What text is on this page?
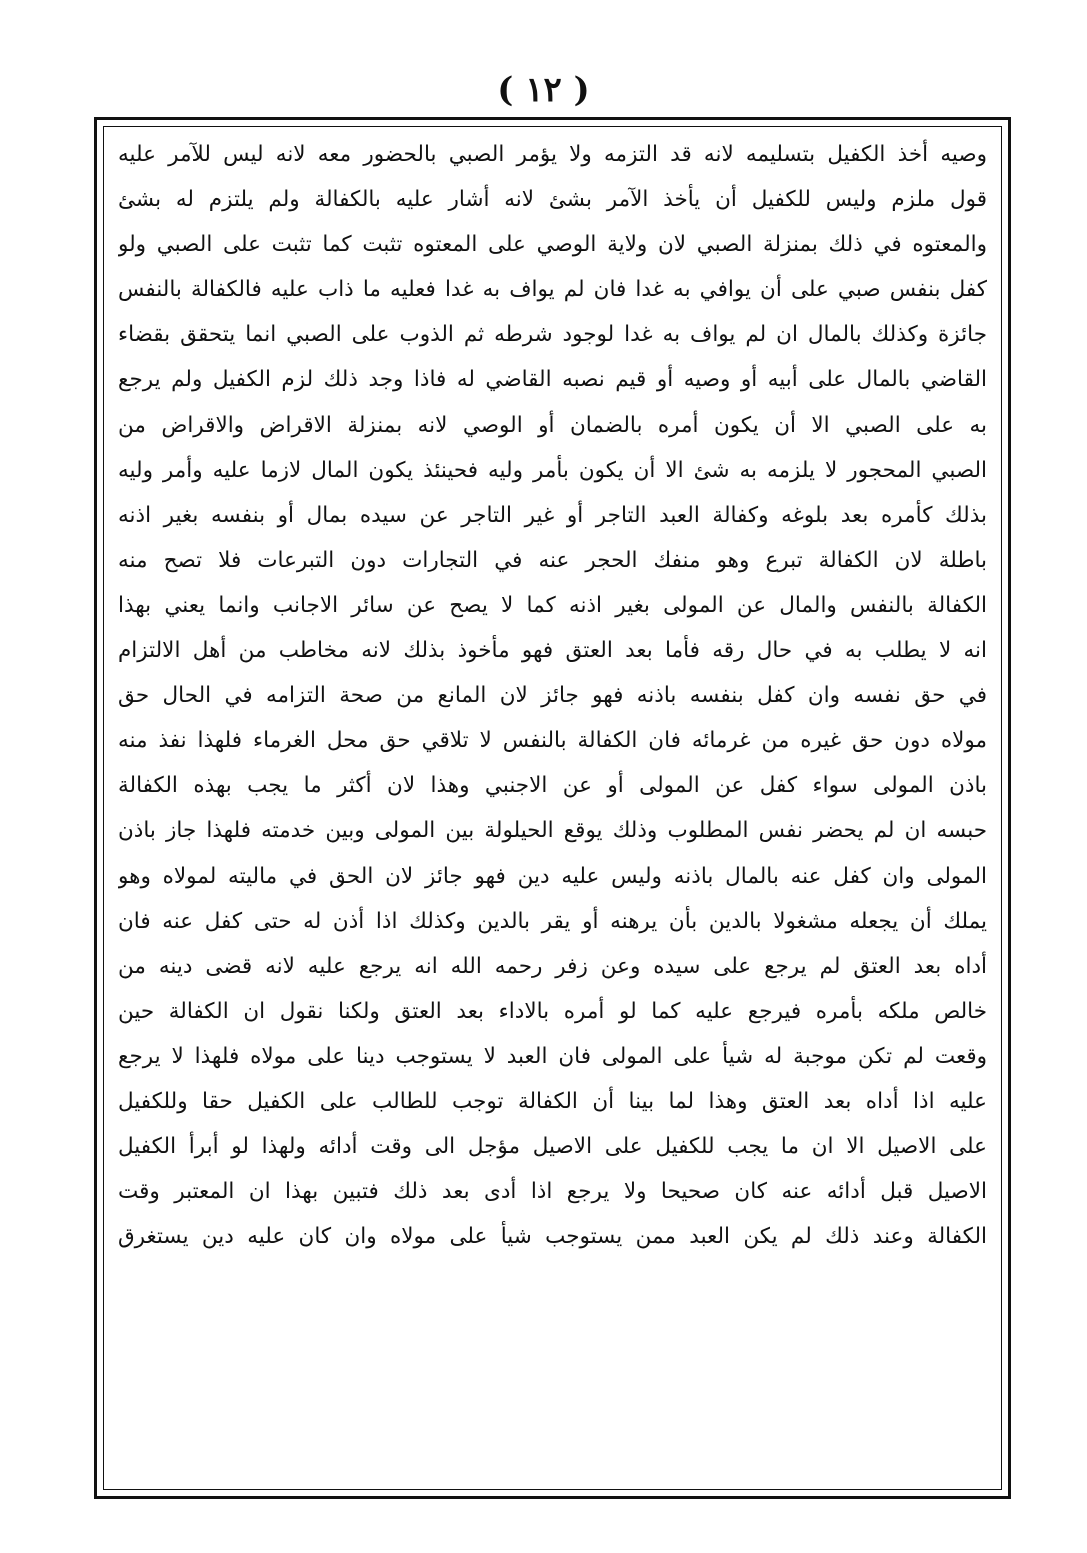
( ١٢ )
وصيه أخذ الكفيل بتسليمه لانه قد التزمه ولا يؤمر الصبي بالحضور معه لانه ليس للآمر عليه
قول ملزم وليس للكفيل أن يأخذ الآمر بشئ لانه أشار عليه بالكفالة ولم يلتزم له بشئ
والمعتوه في ذلك بمنزلة الصبي لان ولاية الوصي على المعتوه تثبت كما تثبت على الصبي ولو
كفل بنفس صبي على أن يوافي به غدا فان لم يواف به غدا فعليه ما ذاب عليه فالكفالة بالنفس
جائزة وكذلك بالمال ان لم يواف به غدا لوجود شرطه ثم الذوب على الصبي انما يتحقق بقضاء
القاضي بالمال على أبيه أو وصيه أو قيم نصبه القاضي له فاذا وجد ذلك لزم الكفيل ولم يرجع
به على الصبي الا أن يكون أمره بالضمان أو الوصي لانه بمنزلة الاقراض والاقراض من
الصبي المحجور لا يلزمه به شئ الا أن يكون بأمر وليه فحينئذ يكون المال لازما عليه وأمر وليه
بذلك كأمره بعد بلوغه وكفالة العبد التاجر أو غير التاجر عن سيده بمال أو بنفسه بغير اذنه
باطلة لان الكفالة تبرع وهو منفك الحجر عنه في التجارات دون التبرعات فلا تصح منه
الكفالة بالنفس والمال عن المولى بغير اذنه كما لا يصح عن سائر الاجانب وانما يعني بهذا
انه لا يطلب به في حال رقه فأما بعد العتق فهو مأخوذ بذلك لانه مخاطب من أهل الالتزام
في حق نفسه وان كفل بنفسه باذنه فهو جائز لان المانع من صحة التزامه في الحال حق
مولاه دون حق غيره من غرمائه فان الكفالة بالنفس لا تلاقي حق محل الغرماء فلهذا نفذ منه
باذن المولى سواء كفل عن المولى أو عن الاجنبي وهذا لان أكثر ما يجب بهذه الكفالة
حبسه ان لم يحضر نفس المطلوب وذلك يوقع الحيلولة بين المولى وبين خدمته فلهذا جاز باذن
المولى وان كفل عنه بالمال باذنه وليس عليه دين فهو جائز لان الحق في ماليته لمولاه وهو
يملك أن يجعله مشغولا بالدين بأن يرهنه أو يقر بالدين وكذلك اذا أذن له حتى كفل عنه فان
أداه بعد العتق لم يرجع على سيده وعن زفر رحمه الله انه يرجع عليه لانه قضى دينه من
خالص ملكه بأمره فيرجع عليه كما لو أمره بالاداء بعد العتق ولكنا نقول ان الكفالة حين
وقعت لم تكن موجبة له شيأ على المولى فان العبد لا يستوجب دينا على مولاه فلهذا لا يرجع
عليه اذا أداه بعد العتق وهذا لما بينا أن الكفالة توجب للطالب على الكفيل حقا وللكفيل
على الاصيل الا ان ما يجب للكفيل على الاصيل مؤجل الى وقت أدائه ولهذا لو أبرأ الكفيل
الاصيل قبل أدائه عنه كان صحيحا ولا يرجع اذا أدى بعد ذلك فتبين بهذا ان المعتبر وقت
الكفالة وعند ذلك لم يكن العبد ممن يستوجب شيأ على مولاه وان كان عليه دين يستغرق
